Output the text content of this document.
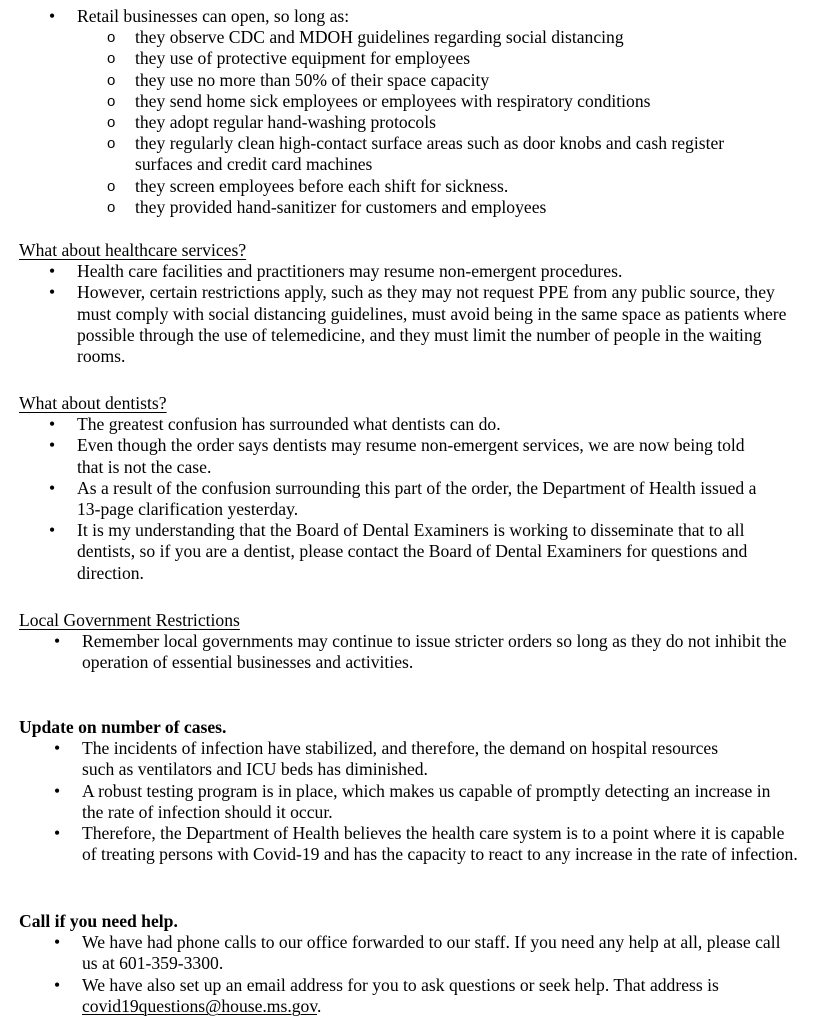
• Retail businesses can open, so long as:
o they observe CDC and MDOH guidelines regarding social distancing
o they use of protective equipment for employees
o they use no more than 50% of their space capacity
o they send home sick employees or employees with respiratory conditions
o they adopt regular hand-washing protocols
o they regularly clean high-contact surface areas such as door knobs and cash register surfaces and credit card machines
o they screen employees before each shift for sickness.
o they provided hand-sanitizer for customers and employees
What about healthcare services?
• Health care facilities and practitioners may resume non-emergent procedures.
• However, certain restrictions apply, such as they may not request PPE from any public source, they must comply with social distancing guidelines, must avoid being in the same space as patients where possible through the use of telemedicine, and they must limit the number of people in the waiting rooms.
What about dentists?
• The greatest confusion has surrounded what dentists can do.
• Even though the order says dentists may resume non-emergent services, we are now being told that is not the case.
• As a result of the confusion surrounding this part of the order, the Department of Health issued a 13-page clarification yesterday.
• It is my understanding that the Board of Dental Examiners is working to disseminate that to all dentists, so if you are a dentist, please contact the Board of Dental Examiners for questions and direction.
Local Government Restrictions
• Remember local governments may continue to issue stricter orders so long as they do not inhibit the operation of essential businesses and activities.
Update on number of cases.
• The incidents of infection have stabilized, and therefore, the demand on hospital resources such as ventilators and ICU beds has diminished.
• A robust testing program is in place, which makes us capable of promptly detecting an increase in the rate of infection should it occur.
• Therefore, the Department of Health believes the health care system is to a point where it is capable of treating persons with Covid-19 and has the capacity to react to any increase in the rate of infection.
Call if you need help.
• We have had phone calls to our office forwarded to our staff. If you need any help at all, please call us at 601-359-3300.
• We have also set up an email address for you to ask questions or seek help. That address is covid19questions@house.ms.gov.
